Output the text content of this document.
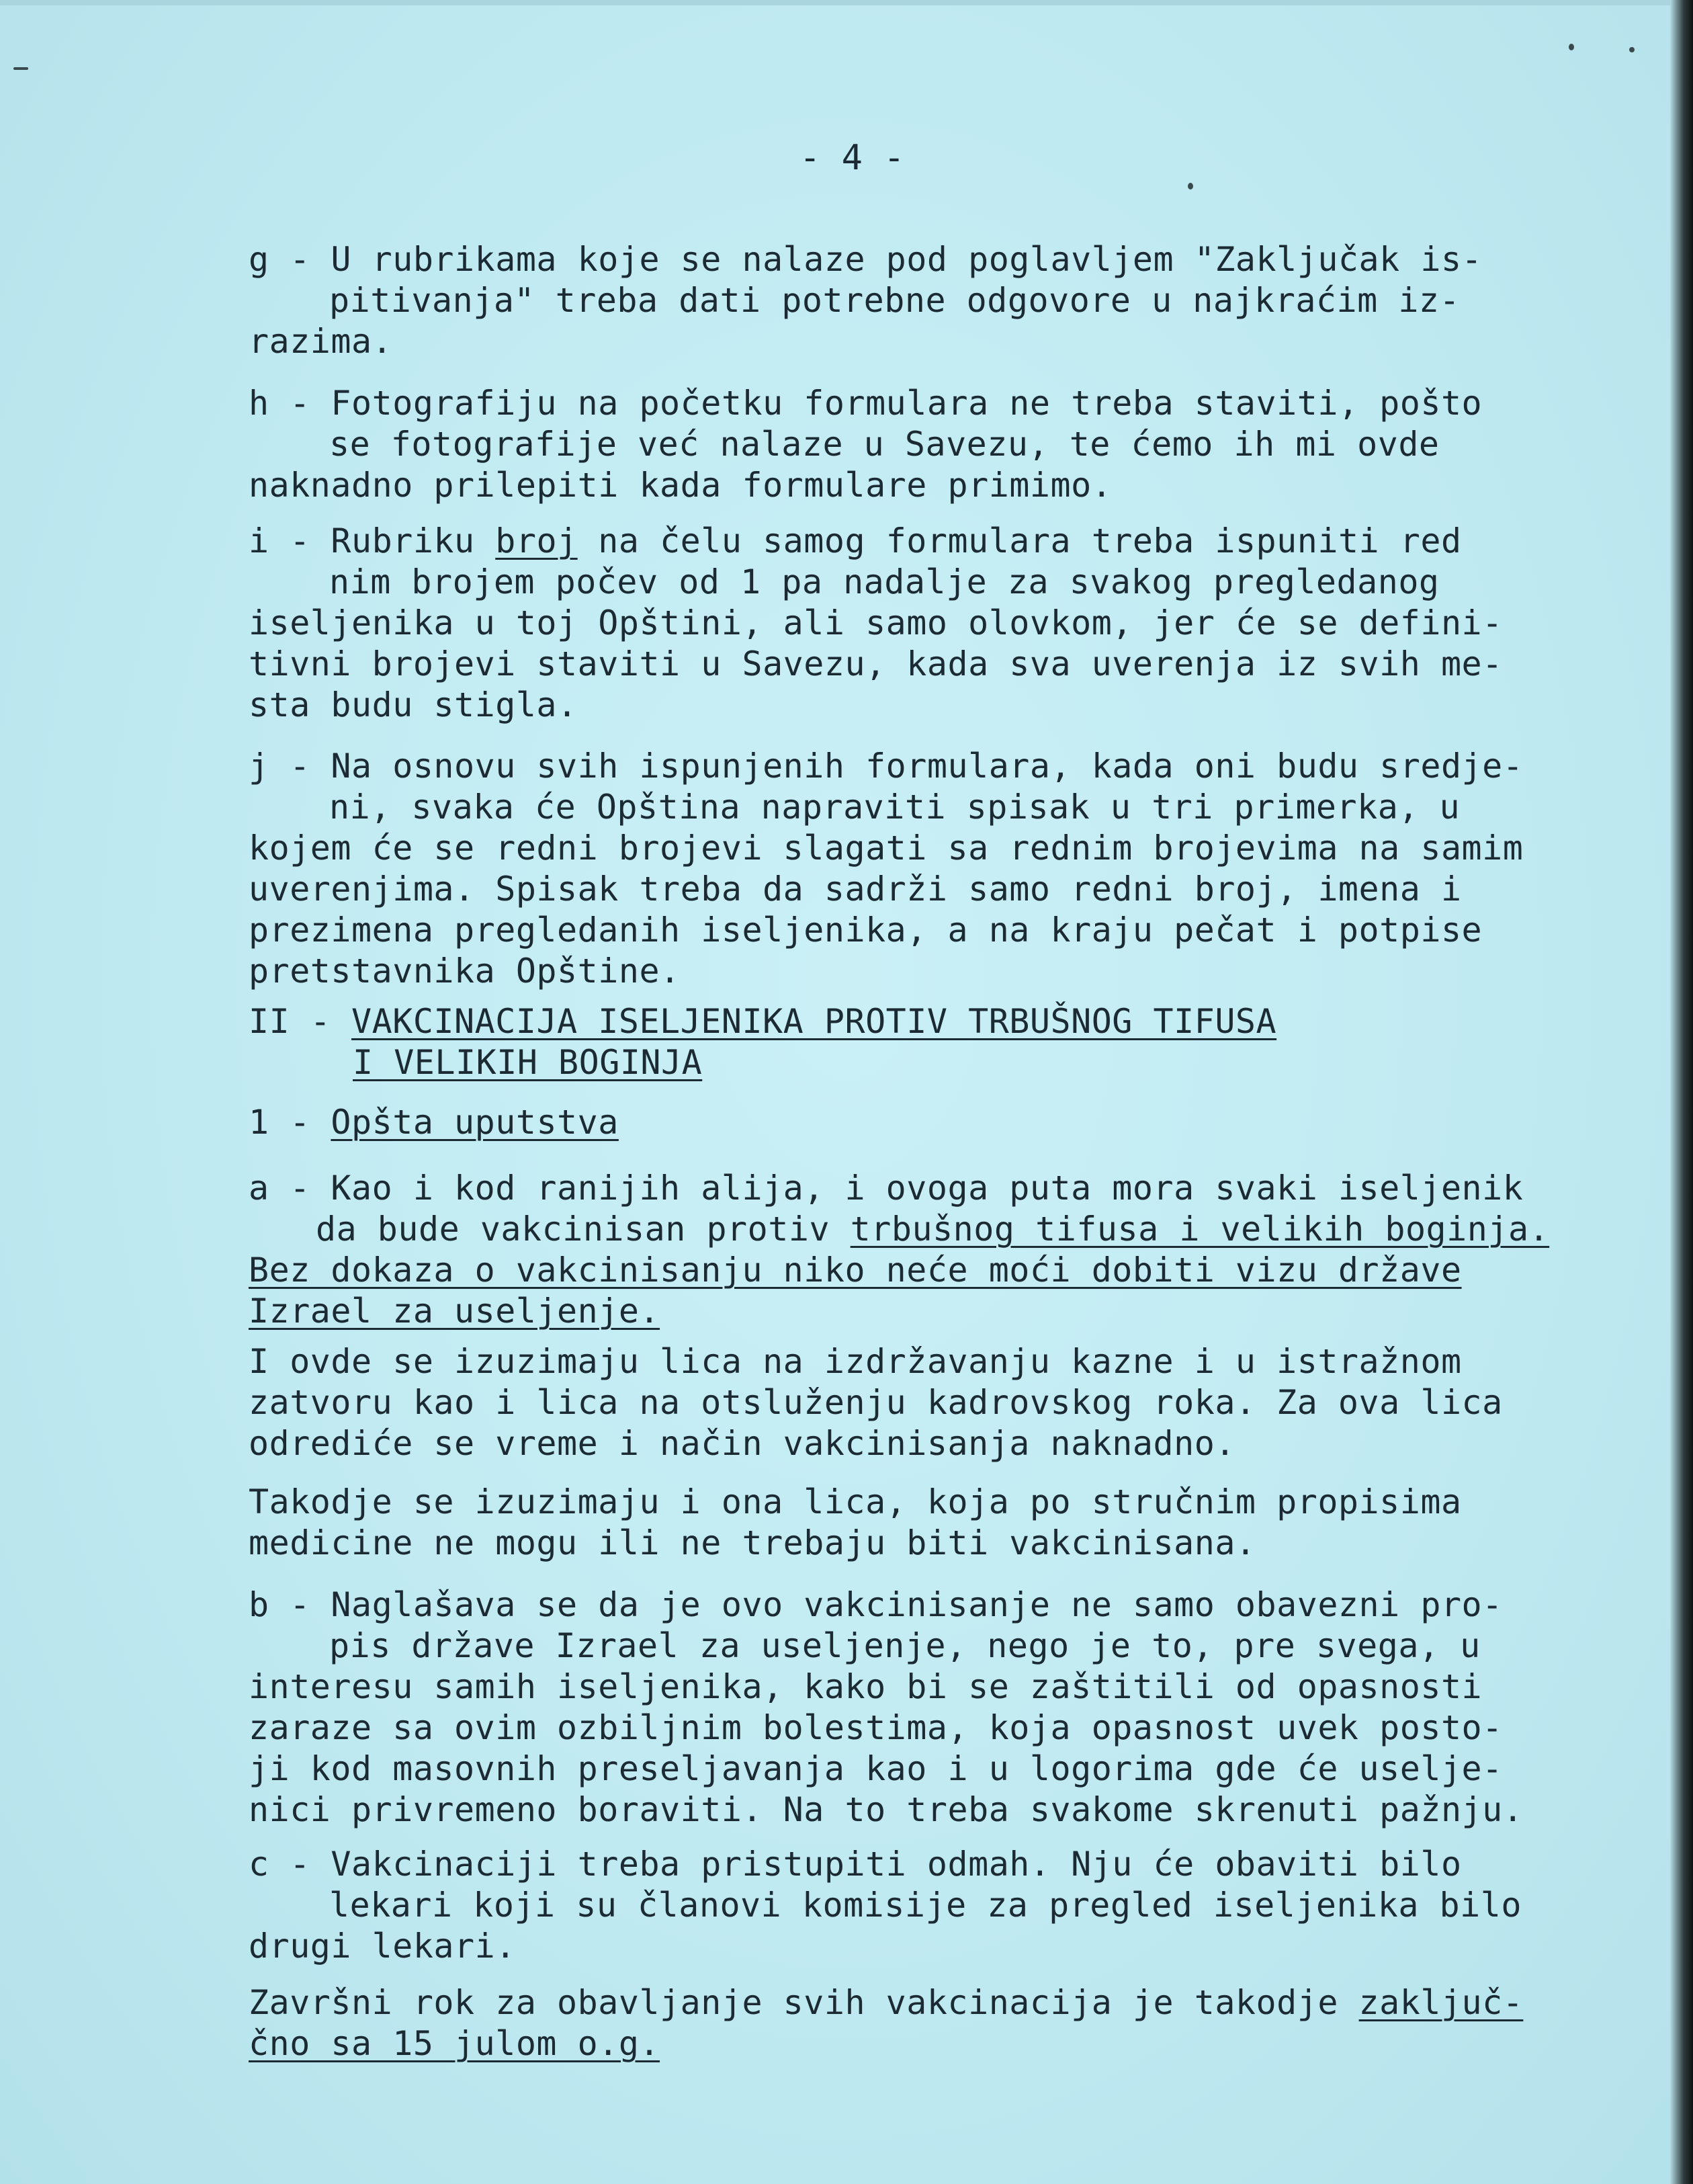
- 4 -
g - U rubrikama koje se nalaze pod poglavljem "Zaključak is-
pitivanja" treba dati potrebne odgovore u najkraćim iz-
razima.
h - Fotografiju na početku formulara ne treba staviti, pošto
se fotografije već nalaze u Savezu, te ćemo ih mi ovde
naknadno prilepiti kada formulare primimo.
i - Rubriku broj na čelu samog formulara treba ispuniti red
nim brojem počev od 1 pa nadalje za svakog pregledanog
iseljenika u toj Opštini, ali samo olovkom, jer će se defini-
tivni brojevi staviti u Savezu, kada sva uverenja iz svih me-
sta budu stigla.
j - Na osnovu svih ispunjenih formulara, kada oni budu sredje-
ni, svaka će Opština napraviti spisak u tri primerka, u
kojem će se redni brojevi slagati sa rednim brojevima na samim
uverenjima. Spisak treba da sadrži samo redni broj, imena i
prezimena pregledanih iseljenika, a na kraju pečat i potpise
pretstavnika Opštine.
II - VAKCINACIJA ISELJENIKA PROTIV TRBUŠNOG TIFUSA
I VELIKIH BOGINJA
1 - Opšta uputstva
a - Kao i kod ranijih alija, i ovoga puta mora svaki iseljenik
da bude vakcinisan protiv trbušnog tifusa i velikih boginja.
Bez dokaza o vakcinisanju niko neće moći dobiti vizu države
Izrael za useljenje.
I ovde se izuzimaju lica na izdržavanju kazne i u istražnom
zatvoru kao i lica na otsluženju kadrovskog roka. Za ova lica
odrediće se vreme i način vakcinisanja naknadno.
Takodje se izuzimaju i ona lica, koja po stručnim propisima
medicine ne mogu ili ne trebaju biti vakcinisana.
b - Naglašava se da je ovo vakcinisanje ne samo obavezni pro-
pis države Izrael za useljenje, nego je to, pre svega, u
interesu samih iseljenika, kako bi se zaštitili od opasnosti
zaraze sa ovim ozbiljnim bolestima, koja opasnost uvek posto-
ji kod masovnih preseljavanja kao i u logorima gde će uselje-
nici privremeno boraviti. Na to treba svakome skrenuti pažnju.
c - Vakcinaciji treba pristupiti odmah. Nju će obaviti bilo
lekari koji su članovi komisije za pregled iseljenika bilo
drugi lekari.
Završni rok za obavljanje svih vakcinacija je takodje zaključ-
čno sa 15 julom o.g.
